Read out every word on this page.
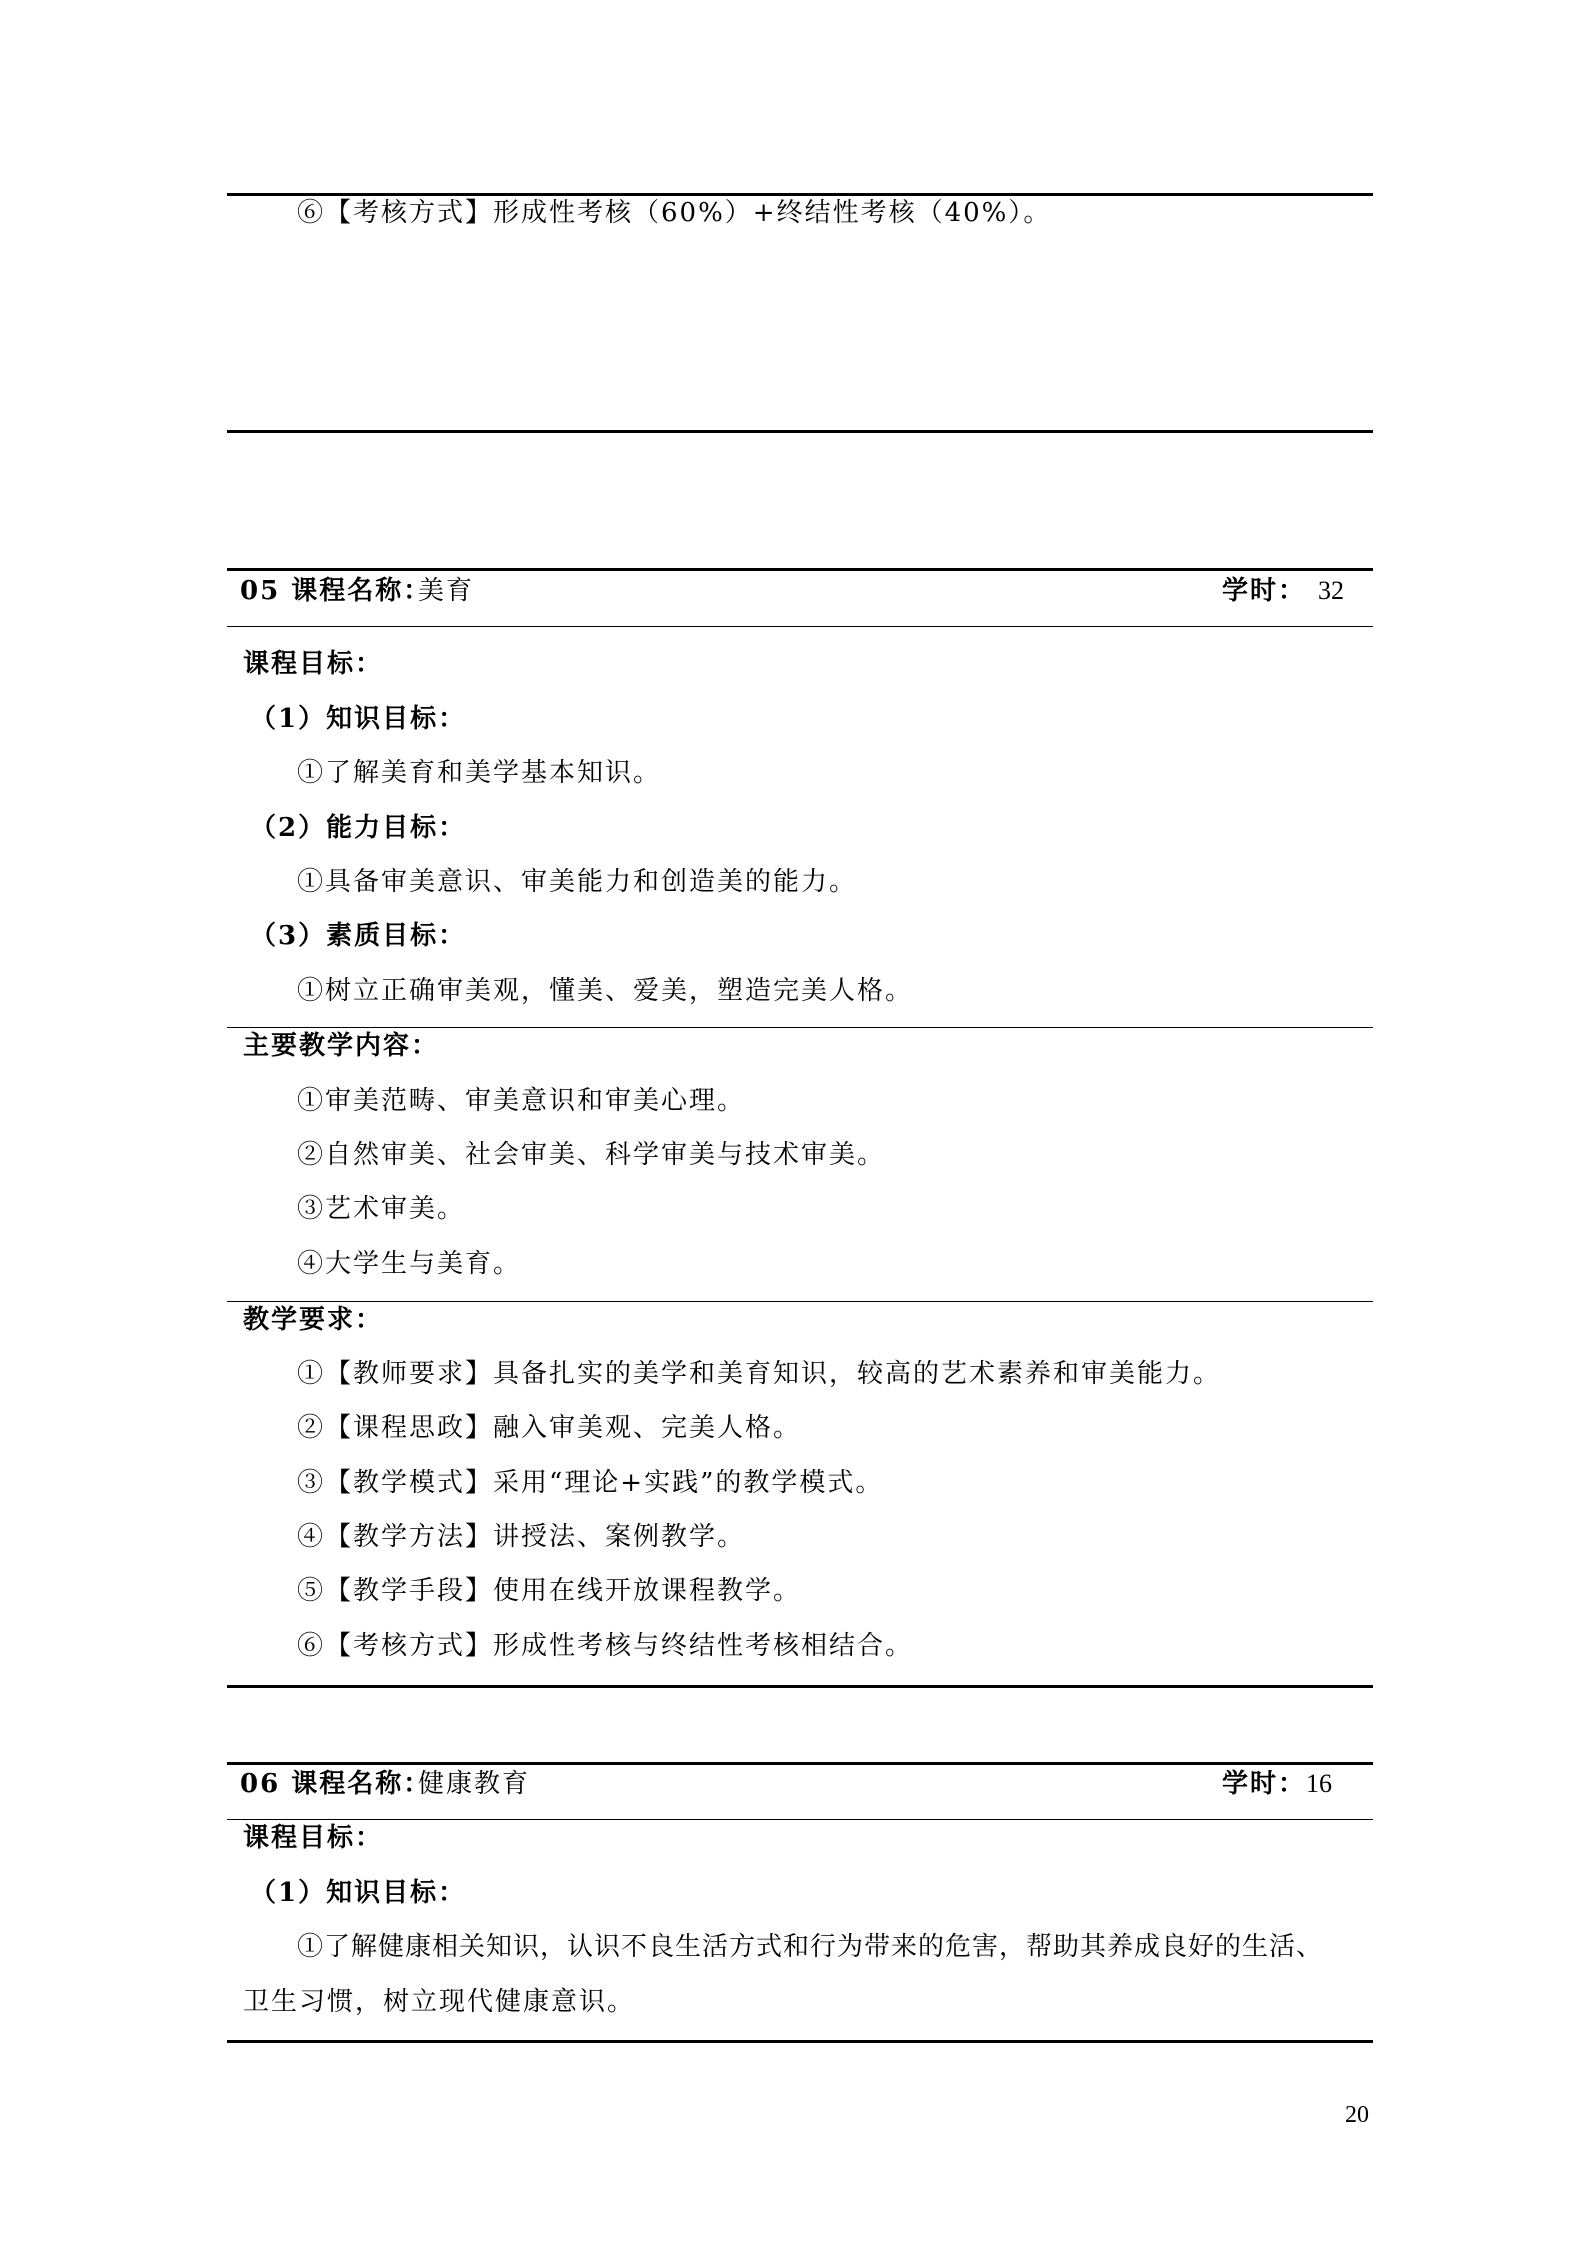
⑥【考核方式】形成性考核（60%）+终结性考核（40%）。
05 课程名称：
美育	学时： 32
课程目标：
（1）知识目标：
①了解美育和美学基本知识。
（2）能力目标：
①具备审美意识、审美能力和创造美的能力。
（3）素质目标：
①树立正确审美观，懂美、爱美，塑造完美人格。
主要教学内容：
①审美范畴、审美意识和审美心理。
②自然审美、社会审美、科学审美与技术审美。
③艺术审美。
④大学生与美育。
教学要求：
①【教师要求】具备扎实的美学和美育知识，较高的艺术素养和审美能力。
②【课程思政】融入审美观、完美人格。
③【教学模式】采用“理论+实践”的教学模式。
④【教学方法】讲授法、案例教学。
⑤【教学手段】使用在线开放课程教学。
⑥【考核方式】形成性考核与终结性考核相结合。
06 课程名称：
健康教育	学时： 16
课程目标：
（1）知识目标：
①了解健康相关知识，认识不良生活方式和行为带来的危害，帮助其养成良好的生活、
卫生习惯，树立现代健康意识。
20
